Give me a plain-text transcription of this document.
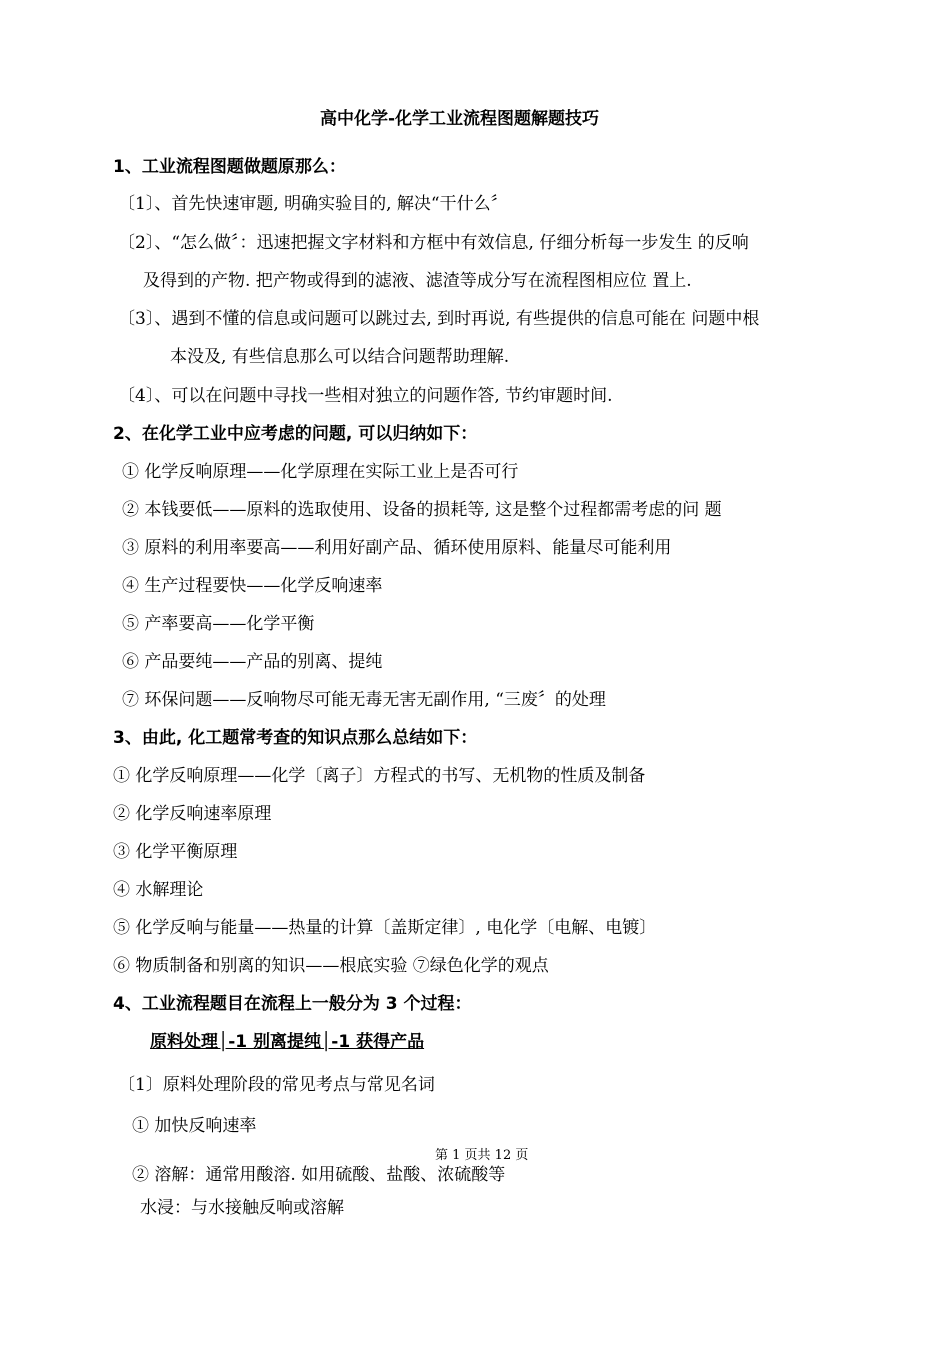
高中化学-化学工业流程图题解题技巧
1、工业流程图题做题原那么：
〔1〕、首先快速审题, 明确实验目的, 解决“干什么〞
〔2〕、“怎么做〞：迅速把握文字材料和方框中有效信息, 仔细分析每一步发生 的反响
及得到的产物. 把产物或得到的滤液、滤渣等成分写在流程图相应位 置上.
〔3〕、遇到不懂的信息或问题可以跳过去, 到时再说, 有些提供的信息可能在 问题中根
本没及, 有些信息那么可以结合问题帮助理解.
〔4〕、可以在问题中寻找一些相对独立的问题作答, 节约审题时间.
2、在化学工业中应考虑的问题, 可以归纳如下：
① 化学反响原理——化学原理在实际工业上是否可行
② 本钱要低——原料的选取使用、设备的损耗等, 这是整个过程都需考虑的问 题
③ 原料的利用率要高——利用好副产品、循环使用原料、能量尽可能利用
④ 生产过程要快——化学反响速率
⑤ 产率要高——化学平衡
⑥ 产品要纯——产品的别离、提纯
⑦ 环保问题——反响物尽可能无毒无害无副作用, “三废〞的处理
3、由此, 化工题常考查的知识点那么总结如下：
① 化学反响原理——化学〔离子〕方程式的书写、无机物的性质及制备
② 化学反响速率原理
③ 化学平衡原理
④ 水解理论
⑤ 化学反响与能量——热量的计算〔盖斯定律〕, 电化学〔电解、电镀〕
⑥ 物质制备和别离的知识——根底实验 ⑦绿色化学的观点
4、工业流程题目在流程上一般分为 3 个过程：
原料处理│-1 别离提纯│-1 获得产品
〔1〕原料处理阶段的常见考点与常见名词
① 加快反响速率
第 1 页共 12 页
② 溶解：通常用酸溶. 如用硫酸、盐酸、浓硫酸等
水浸：与水接触反响或溶解
